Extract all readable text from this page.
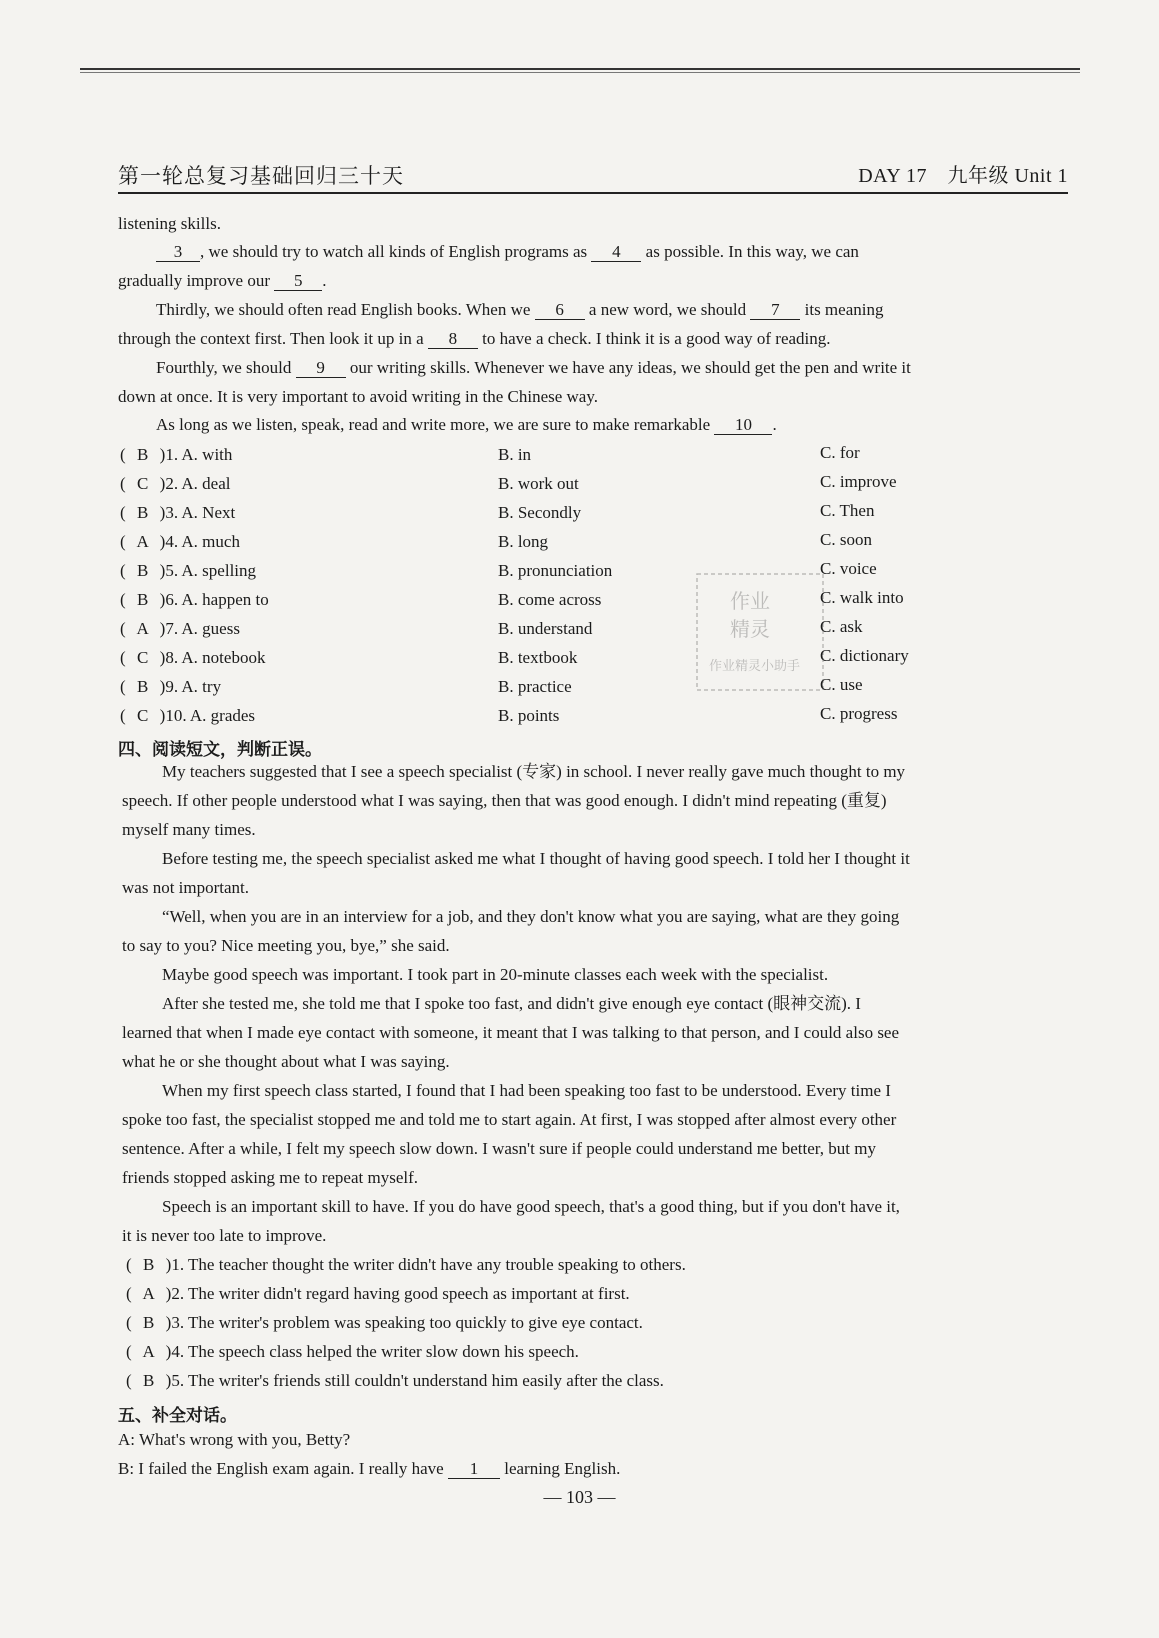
第一轮总复习基础回归三十天	DAY 17　九年级 Unit 1
listening skills.
3 , we should try to watch all kinds of English programs as 4 as possible. In this way, we can
gradually improve our 5 .
Thirdly, we should often read English books. When we 6 a new word, we should 7 its meaning
through the context first. Then look it up in a 8 to have a check. I think it is a good way of reading.
Fourthly, we should 9 our writing skills. Whenever we have any ideas, we should get the pen and write it
down at once. It is very important to avoid writing in the Chinese way.
As long as we listen, speak, read and write more, we are sure to make remarkable 10 .
( B )1. A. with	B. in	C. for
( C )2. A. deal	B. work out	C. improve
( B )3. A. Next	B. Secondly	C. Then
( A )4. A. much	B. long	C. soon
( B )5. A. spelling	B. pronunciation	C. voice
( B )6. A. happen to	B. come across	C. walk into
( A )7. A. guess	B. understand	C. ask
( C )8. A. notebook	B. textbook	C. dictionary
( B )9. A. try	B. practice	C. use
( C )10. A. grades	B. points	C. progress
四、阅读短文，判断正误。
My teachers suggested that I see a speech specialist (专家) in school. I never really gave much thought to my
speech. If other people understood what I was saying, then that was good enough. I didn't mind repeating (重复)
myself many times.
Before testing me, the speech specialist asked me what I thought of having good speech. I told her I thought it
was not important.
“Well, when you are in an interview for a job, and they don't know what you are saying, what are they going
to say to you? Nice meeting you, bye,” she said.
Maybe good speech was important. I took part in 20-minute classes each week with the specialist.
After she tested me, she told me that I spoke too fast, and didn't give enough eye contact (眼神交流). I
learned that when I made eye contact with someone, it meant that I was talking to that person, and I could also see
what he or she thought about what I was saying.
When my first speech class started, I found that I had been speaking too fast to be understood. Every time I
spoke too fast, the specialist stopped me and told me to start again. At first, I was stopped after almost every other
sentence. After a while, I felt my speech slow down. I wasn't sure if people could understand me better, but my
friends stopped asking me to repeat myself.
Speech is an important skill to have. If you do have good speech, that's a good thing, but if you don't have it,
it is never too late to improve.
( B )1. The teacher thought the writer didn't have any trouble speaking to others.
( A )2. The writer didn't regard having good speech as important at first.
( B )3. The writer's problem was speaking too quickly to give eye contact.
( A )4. The speech class helped the writer slow down his speech.
( B )5. The writer's friends still couldn't understand him easily after the class.
五、补全对话。
A: What's wrong with you, Betty?
B: I failed the English exam again. I really have 1 learning English.
— 103 —
作业
精灵
作业精灵小助手
